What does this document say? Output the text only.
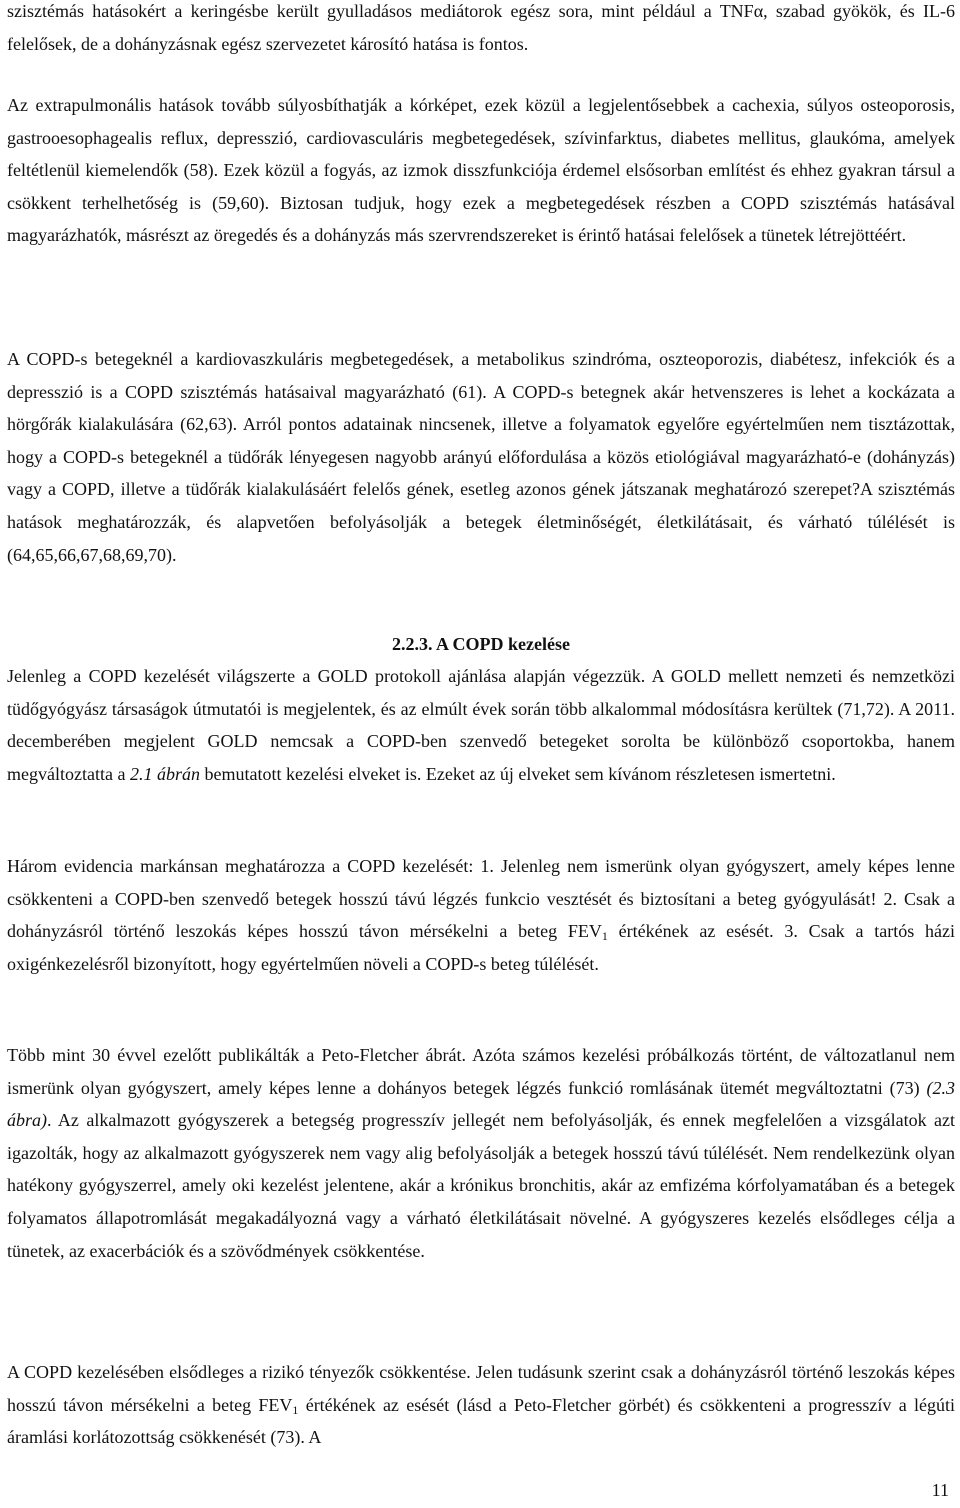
szisztémás hatásokért a keringésbe került gyulladásos mediátorok egész sora, mint például a TNFα, szabad gyökök, és IL-6 felelősek, de a dohányzásnak egész szervezetet károsító hatása is fontos.

Az extrapulmonális hatások tovább súlyosbíthatják a kórképet, ezek közül a legjelentősebbek a cachexia, súlyos osteoporosis, gastrooesophagealis reflux, depresszió, cardiovasculáris megbetegedések, szívinfarktus, diabetes mellitus, glaukóma, amelyek feltétlenül kiemelendők (58). Ezek közül a fogyás, az izmok disszfunkciója érdemel elsősorban említést és ehhez gyakran társul a csökkent terhelhetőség is (59,60). Biztosan tudjuk, hogy ezek a megbetegedések részben a COPD szisztémás hatásával magyarázhatók, másrészt az öregedés és a dohányzás más szervrendszereket is érintő hatásai felelősek a tünetek létrejöttéért.

A COPD-s betegeknél a kardiovaszkuláris megbetegedések, a metabolikus szindróma, oszteoporozis, diabétesz, infekciók és a depresszió is a COPD szisztémás hatásaival magyarázható (61). A COPD-s betegnek akár hetvenszeres is lehet a kockázata a hörgőrák kialakulására (62,63). Arról pontos adatainak nincsenek, illetve a folyamatok egyelőre egyértelműen nem tisztázottak, hogy a COPD-s betegeknél a tüdőrák lényegesen nagyobb arányú előfordulása a közös etiológiával magyarázható-e (dohányzás) vagy a COPD, illetve a tüdőrák kialakulásáért felelős gének, esetleg azonos gének játszanak meghatározó szerepet?A szisztémás hatások meghatározzák, és alapvetően befolyásolják a betegek életminőségét, életkilátásait, és várható túlélését is (64,65,66,67,68,69,70).

2.2.3. A COPD kezelése

Jelenleg a COPD kezelését világszerte a GOLD protokoll ajánlása alapján végezzük. A GOLD mellett nemzeti és nemzetközi tüdőgyógyász társaságok útmutatói is megjelentek, és az elmúlt évek során több alkalommal módosításra kerültek (71,72). A 2011. decemberében megjelent GOLD nemcsak a COPD-ben szenvedő betegeket sorolta be különböző csoportokba, hanem megváltoztatta a 2.1 ábrán bemutatott kezelési elveket is. Ezeket az új elveket sem kívánom részletesen ismertetni.

Három evidencia markánsan meghatározza a COPD kezelését: 1. Jelenleg nem ismerünk olyan gyógyszert, amely képes lenne csökkenteni a COPD-ben szenvedő betegek hosszú távú légzés funkcio vesztését és biztosítani a beteg gyógyulását! 2. Csak a dohányzásról történő leszokás képes hosszú távon mérsékelni a beteg $FEV_1$ értékének az esését. 3. Csak a tartós házi oxigénkezelésről bizonyított, hogy egyértelműen növeli a COPD-s beteg túlélését.

Több mint 30 évvel ezelőtt publikálták a Peto-Fletcher ábrát. Azóta számos kezelési próbálkozás történt, de változatlanul nem ismerünk olyan gyógyszert, amely képes lenne a dohányos betegek légzés funkció romlásának ütemét megváltoztatni (73) (2.3 ábra). Az alkalmazott gyógyszerek a betegség progresszív jellegét nem befolyásolják, és ennek megfelelően a vizsgálatok azt igazolták, hogy az alkalmazott gyógyszerek nem vagy alig befolyásolják a betegek hosszú távú túlélését. Nem rendelkezünk olyan hatékony gyógyszerrel, amely oki kezelést jelentene, akár a krónikus bronchitis, akár az emfizéma kórfolyamatában és a betegek folyamatos állapotromlását megakadályozná vagy a várható életkilátásait növelné. A gyógyszeres kezelés elsődleges célja a tünetek, az exacerbációk és a szövődmények csökkentése.

A COPD kezelésében elsődleges a rizikó tényezők csökkentése. Jelen tudásunk szerint csak a dohányzásról történő leszokás képes hosszú távon mérsékelni a beteg $FEV_1$ értékének az esését (lásd a Peto-Fletcher görbét) és csökkenteni a progresszív a légúti áramlási korlátozottság csökkenését (73). A

11
